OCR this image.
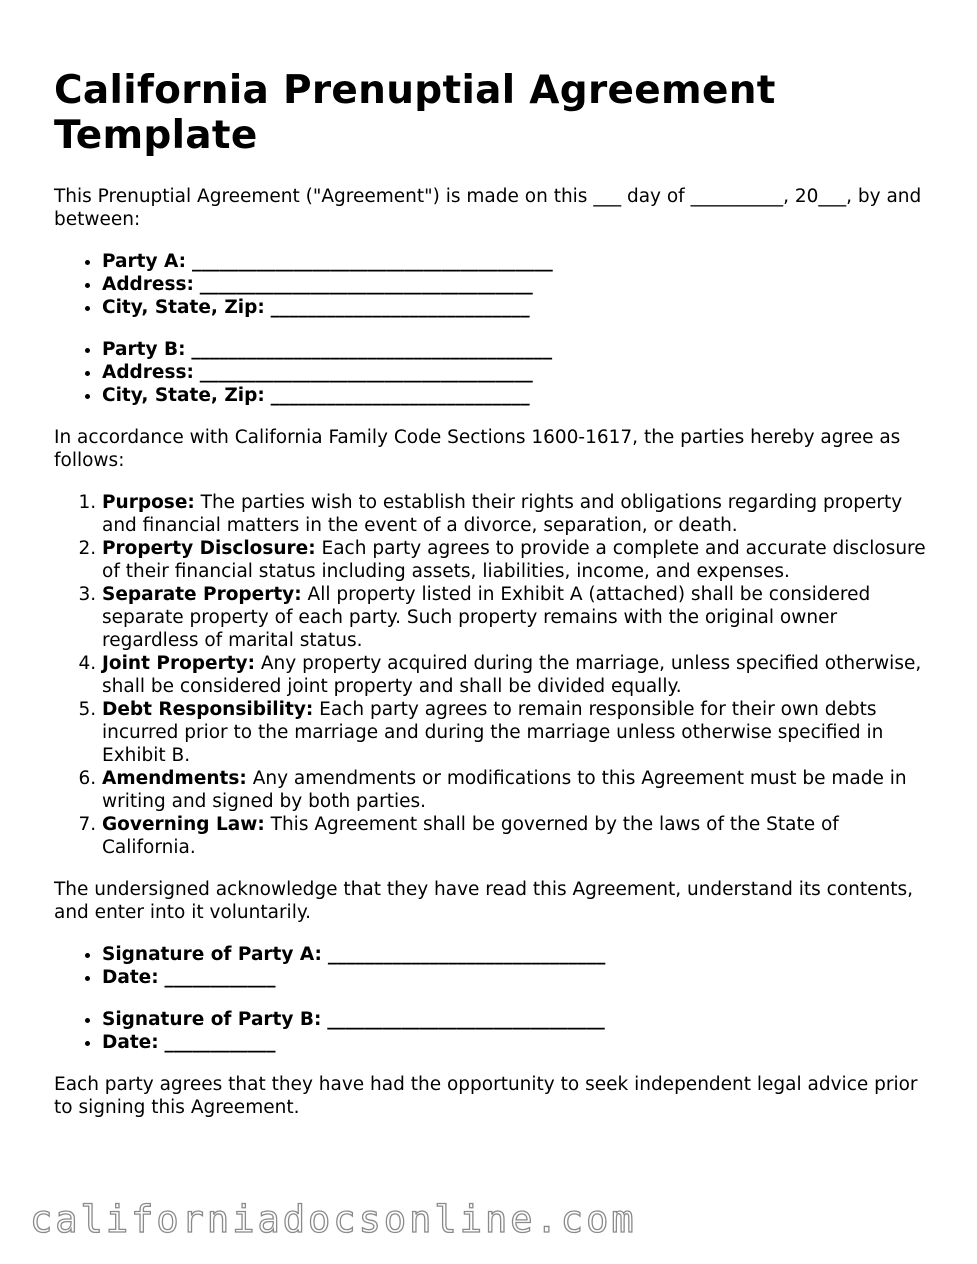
California Prenuptial Agreement Template

This Prenuptial Agreement ("Agreement") is made on this ___ day of __________, 20___, by and between:

• Party A: _______________________________________
• Address: ____________________________________
• City, State, Zip: ____________________________
• Party B: _______________________________________
• Address: ____________________________________
• City, State, Zip: ____________________________

In accordance with California Family Code Sections 1600-1617, the parties hereby agree as follows:

1. Purpose: The parties wish to establish their rights and obligations regarding property and financial matters in the event of a divorce, separation, or death.
2. Property Disclosure: Each party agrees to provide a complete and accurate disclosure of their financial status including assets, liabilities, income, and expenses.
3. Separate Property: All property listed in Exhibit A (attached) shall be considered separate property of each party. Such property remains with the original owner regardless of marital status.
4. Joint Property: Any property acquired during the marriage, unless specified otherwise, shall be considered joint property and shall be divided equally.
5. Debt Responsibility: Each party agrees to remain responsible for their own debts incurred prior to the marriage and during the marriage unless otherwise specified in Exhibit B.
6. Amendments: Any amendments or modifications to this Agreement must be made in writing and signed by both parties.
7. Governing Law: This Agreement shall be governed by the laws of the State of California.

The undersigned acknowledge that they have read this Agreement, understand its contents, and enter into it voluntarily.

• Signature of Party A: ______________________________
• Date: ____________
• Signature of Party B: ______________________________
• Date: ____________

Each party agrees that they have had the opportunity to seek independent legal advice prior to signing this Agreement.

californiadocsonline.com
